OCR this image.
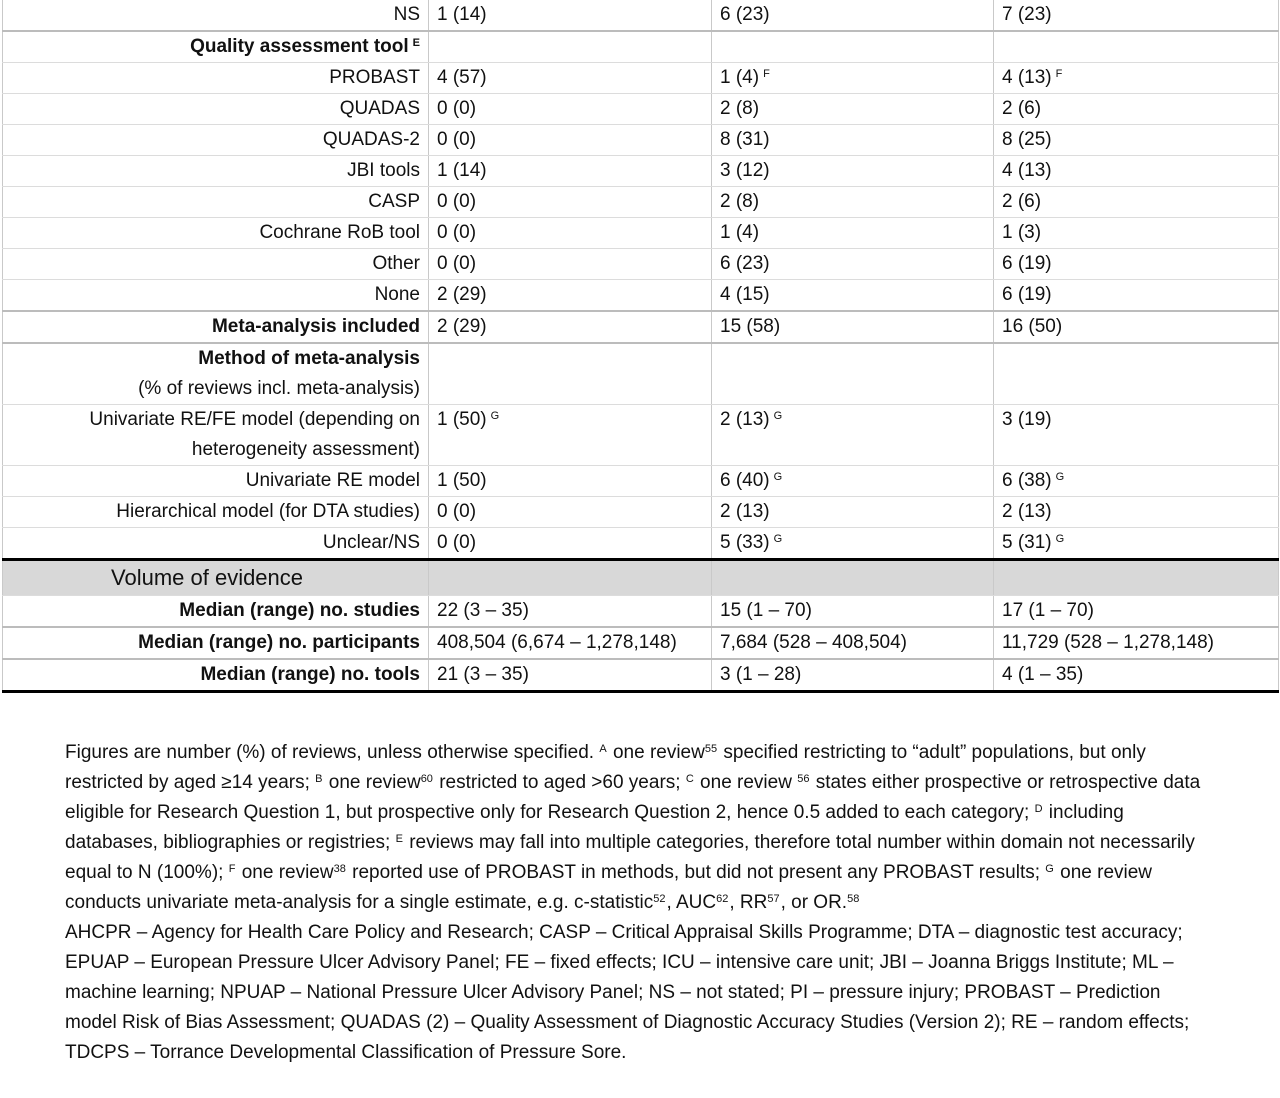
NS	1 (14)	6 (23)	7 (23)
Quality assessment tool $^E$			
PROBAST	4 (57)	1 (4) $^F$	4 (13) $^F$
QUADAS	0 (0)	2 (8)	2 (6)
QUADAS-2	0 (0)	8 (31)	8 (25)
JBI tools	1 (14)	3 (12)	4 (13)
CASP	0 (0)	2 (8)	2 (6)
Cochrane RoB tool	0 (0)	1 (4)	1 (3)
Other	0 (0)	6 (23)	6 (19)
None	2 (29)	4 (15)	6 (19)
Meta-analysis included	2 (29)	15 (58)	16 (50)
Method of meta-analysis
(% of reviews incl. meta-analysis)			
Univariate RE/FE model (depending on heterogeneity assessment)	1 (50) $^G$	2 (13) $^G$	3 (19)
Univariate RE model	1 (50)	6 (40) $^G$	6 (38) $^G$
Hierarchical model (for DTA studies)	0 (0)	2 (13)	2 (13)
Unclear/NS	0 (0)	5 (33) $^G$	5 (31) $^G$
Volume of evidence			
Median (range) no. studies	22 (3 – 35)	15 (1 – 70)	17 (1 – 70)
Median (range) no. participants	408,504 (6,674 – 1,278,148)	7,684 (528 – 408,504)	11,729 (528 – 1,278,148)
Median (range) no. tools	21 (3 – 35)	3 (1 – 28)	4 (1 – 35)

Figures are number (%) of reviews, unless otherwise specified. $^A$ one review$^{55}$ specified restricting to “adult” populations, but only restricted by aged ≥14 years; $^B$ one review$^{60}$ restricted to aged >60 years; $^C$ one review $^{56}$ states either prospective or retrospective data eligible for Research Question 1, but prospective only for Research Question 2, hence 0.5 added to each category; $^D$ including databases, bibliographies or registries; $^E$ reviews may fall into multiple categories, therefore total number within domain not necessarily equal to N (100%); $^F$ one review$^{38}$ reported use of PROBAST in methods, but did not present any PROBAST results; $^G$ one review conducts univariate meta-analysis for a single estimate, e.g. c-statistic$^{52}$, AUC$^{62}$, RR$^{57}$, or OR.$^{58}$

AHCPR – Agency for Health Care Policy and Research; CASP – Critical Appraisal Skills Programme; DTA – diagnostic test accuracy; EPUAP – European Pressure Ulcer Advisory Panel; FE – fixed effects; ICU – intensive care unit; JBI – Joanna Briggs Institute; ML – machine learning; NPUAP – National Pressure Ulcer Advisory Panel; NS – not stated; PI – pressure injury; PROBAST – Prediction model Risk of Bias Assessment; QUADAS (2) – Quality Assessment of Diagnostic Accuracy Studies (Version 2); RE – random effects; TDCPS – Torrance Developmental Classification of Pressure Sore.
